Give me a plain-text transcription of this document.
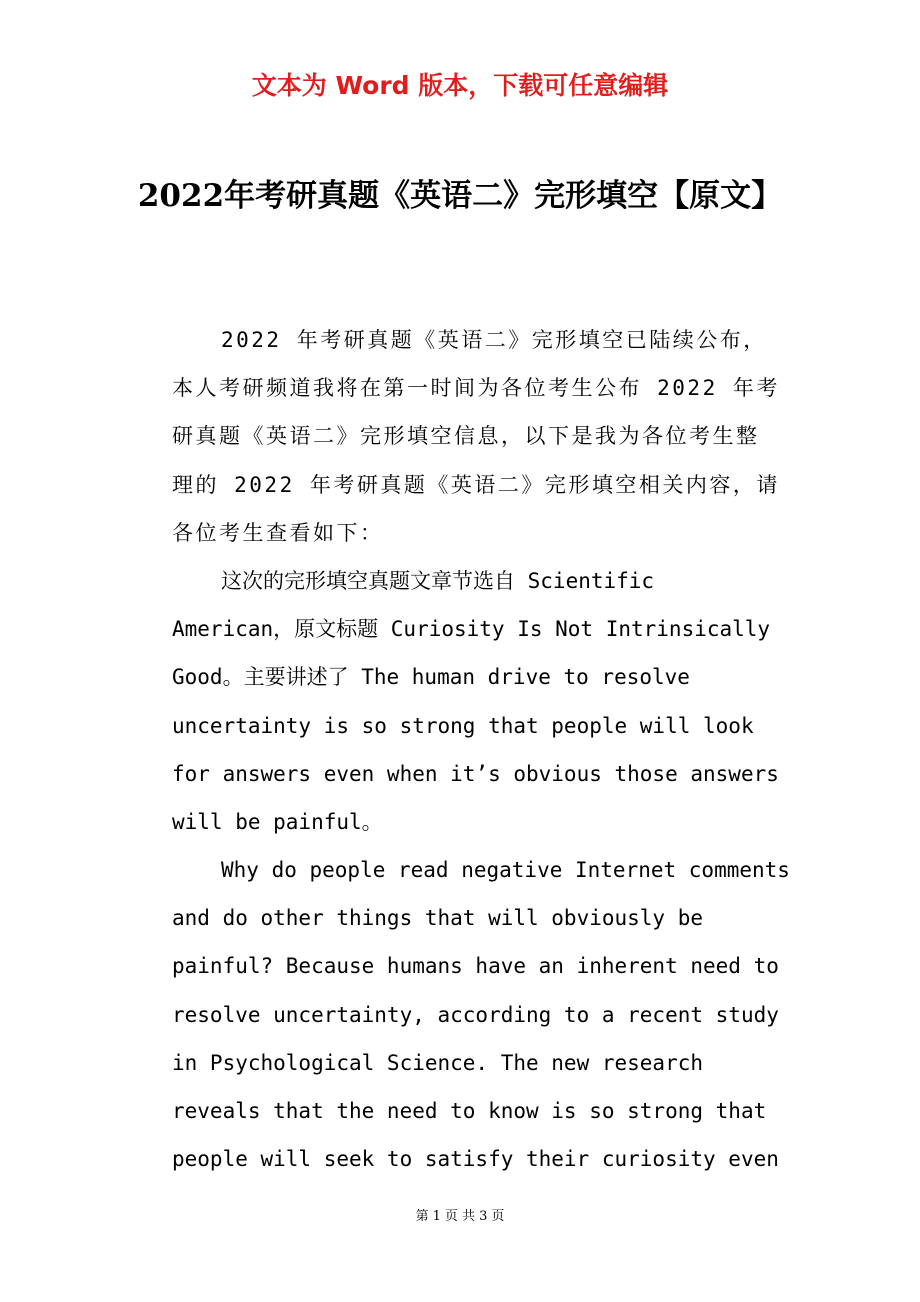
文本为 Word 版本，下载可任意编辑
2022年考研真题《英语二》完形填空【原文】
2022 年考研真题《英语二》完形填空已陆续公布，
本人考研频道我将在第一时间为各位考生公布 2022 年考
研真题《英语二》完形填空信息，以下是我为各位考生整
理的 2022 年考研真题《英语二》完形填空相关内容，请
各位考生查看如下：
这次的完形填空真题文章节选自 Scientific
American，原文标题 Curiosity Is Not Intrinsically
Good。主要讲述了 The human drive to resolve
uncertainty is so strong that people will look
for answers even when it’s obvious those answers
will be painful。
Why do people read negative Internet comments
and do other things that will obviously be
painful? Because humans have an inherent need to
resolve uncertainty, according to a recent study
in Psychological Science. The new research
reveals that the need to know is so strong that
people will seek to satisfy their curiosity even
第 1 页 共 3 页
